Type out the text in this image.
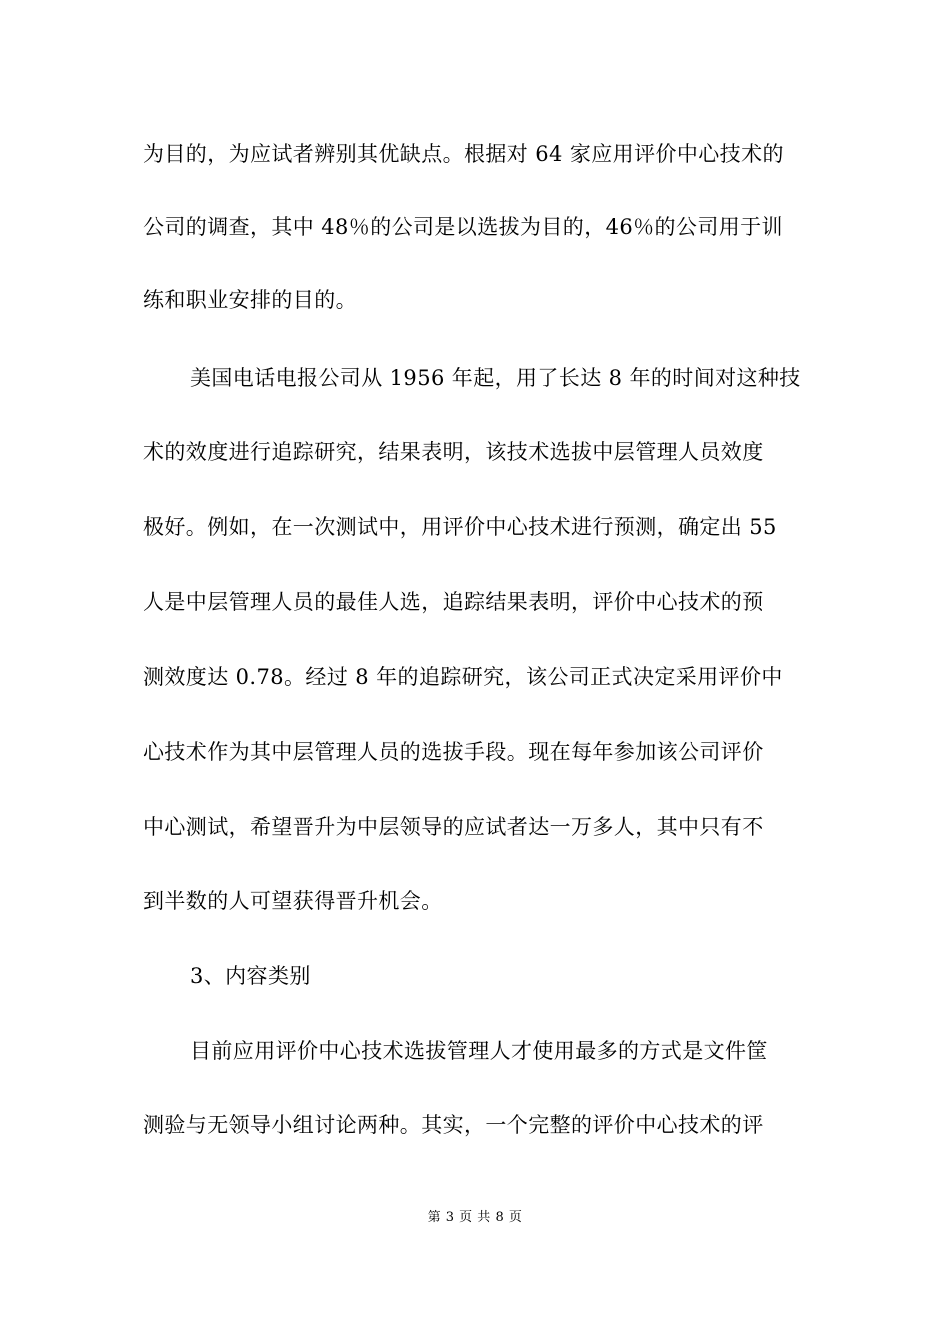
为目的，为应试者辨别其优缺点。根据对 64 家应用评价中心技术的
公司的调查，其中 48％的公司是以选拔为目的，46％的公司用于训
练和职业安排的目的。
美国电话电报公司从 1956 年起，用了长达 8 年的时间对这种技
术的效度进行追踪研究，结果表明，该技术选拔中层管理人员效度
极好。例如，在一次测试中，用评价中心技术进行预测，确定出 55
人是中层管理人员的最佳人选，追踪结果表明，评价中心技术的预
测效度达 0.78。经过 8 年的追踪研究，该公司正式决定采用评价中
心技术作为其中层管理人员的选拔手段。现在每年参加该公司评价
中心测试，希望晋升为中层领导的应试者达一万多人，其中只有不
到半数的人可望获得晋升机会。
3、内容类别
目前应用评价中心技术选拔管理人才使用最多的方式是文件筐
测验与无领导小组讨论两种。其实，一个完整的评价中心技术的评
第 3 页 共 8 页
